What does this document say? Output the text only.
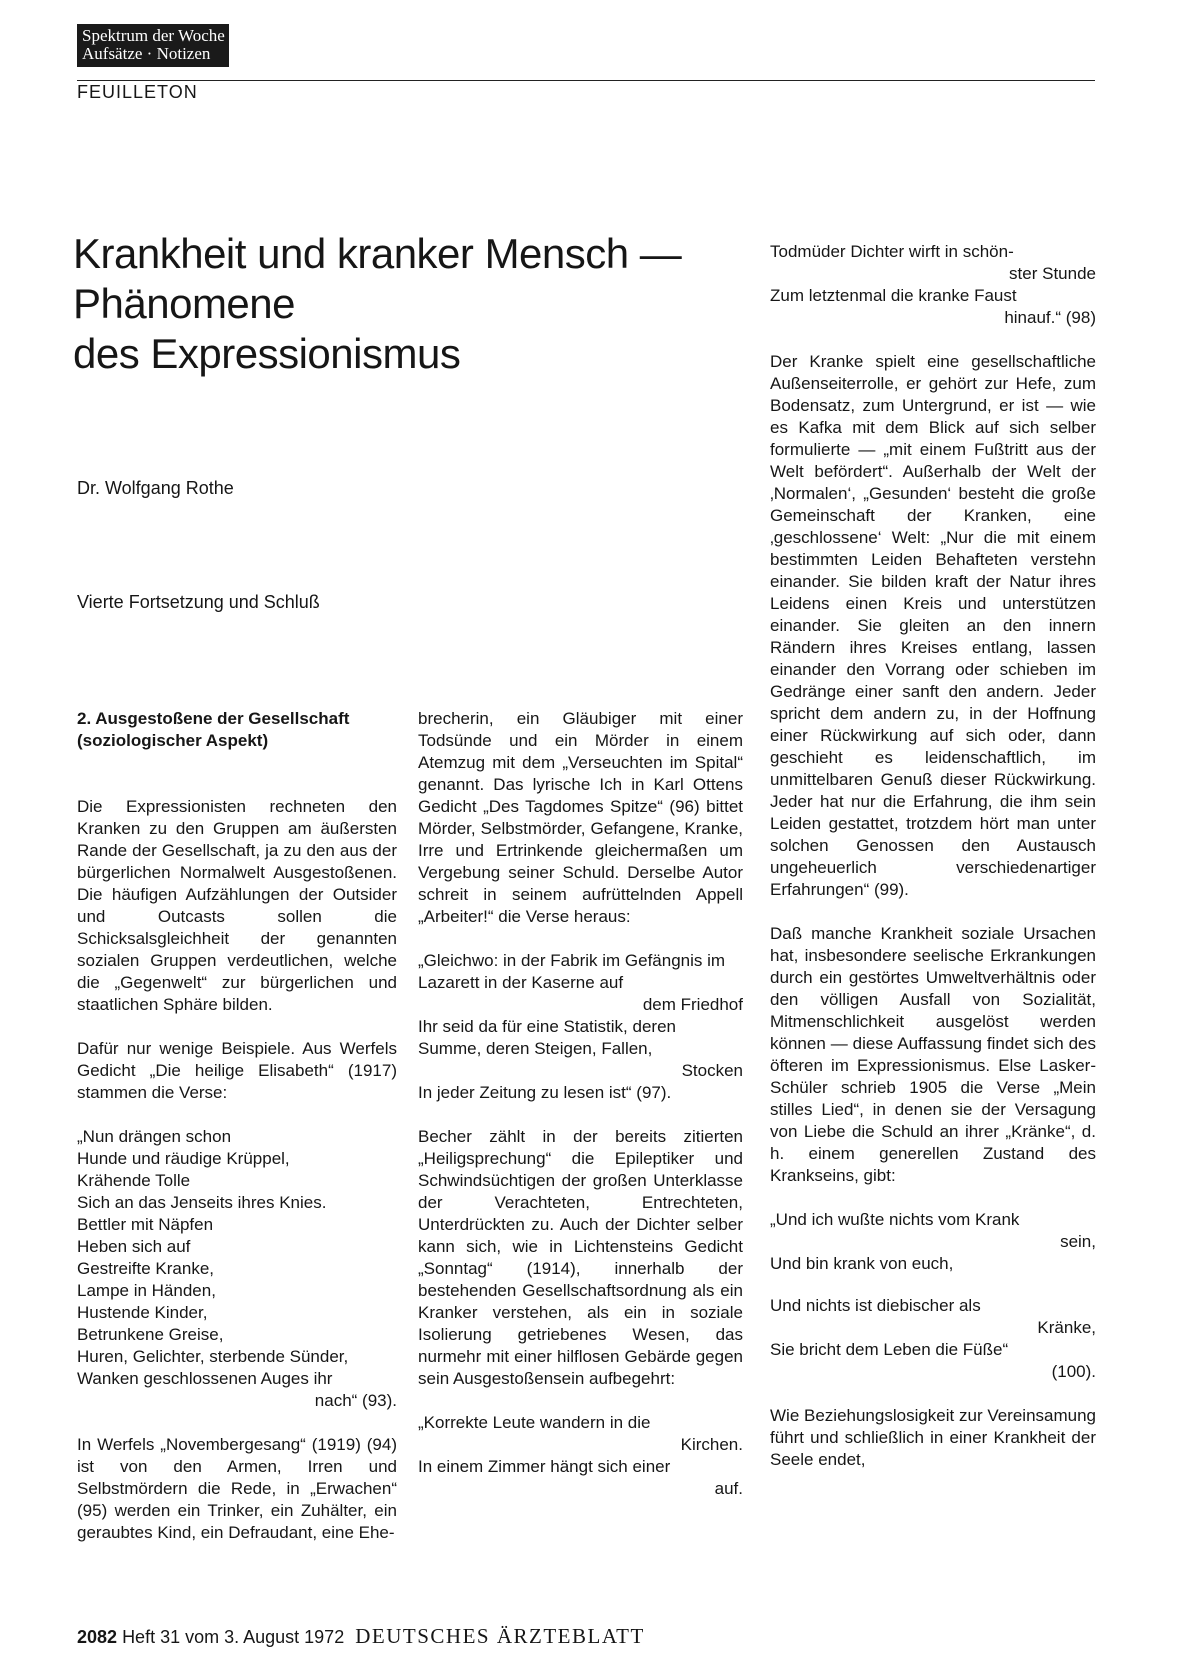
Spektrum der Woche
Aufsätze · Notizen
FEUILLETON
Krankheit und kranker Mensch —
Phänomene
des Expressionismus
Dr. Wolfgang Rothe
Vierte Fortsetzung und Schluß
2. Ausgestoßene der Gesellschaft
(soziologischer Aspekt)

Die Expressionisten rechneten den Kranken zu den Gruppen am äußersten Rande der Gesellschaft, ja zu den aus der bürgerlichen Normalwelt Ausgestoßenen. Die häufigen Aufzählungen der Outsider und Outcasts sollen die Schicksalsgleichheit der genannten sozialen Gruppen verdeutlichen, welche die „Gegenwelt“ zur bürgerlichen und staatlichen Sphäre bilden.

Dafür nur wenige Beispiele. Aus Werfels Gedicht „Die heilige Elisabeth“ (1917) stammen die Verse:

„Nun drängen schon
Hunde und räudige Krüppel,
Krähende Tolle
Sich an das Jenseits ihres Knies.
Bettler mit Näpfen
Heben sich auf
Gestreifte Kranke,
Lampe in Händen,
Hustende Kinder,
Betrunkene Greise,
Huren, Gelichter, sterbende Sünder,
Wanken geschlossenen Auges ihr
nach“ (93).

In Werfels „Novembergesang“ (1919) (94) ist von den Armen, Irren und Selbstmördern die Rede, in „Erwachen“ (95) werden ein Trinker, ein Zuhälter, ein geraubtes Kind, ein Defraudant, eine Ehe-

brecherin, ein Gläubiger mit einer Todsünde und ein Mörder in einem Atemzug mit dem „Verseuchten im Spital“ genannt. Das lyrische Ich in Karl Ottens Gedicht „Des Tagdomes Spitze“ (96) bittet Mörder, Selbstmörder, Gefangene, Kranke, Irre und Ertrinkende gleichermaßen um Vergebung seiner Schuld. Derselbe Autor schreit in seinem aufrüttelnden Appell „Arbeiter!“ die Verse heraus:

„Gleichwo: in der Fabrik im Gefängnis im Lazarett in der Kaserne auf
dem Friedhof
Ihr seid da für eine Statistik, deren Summe, deren Steigen, Fallen,
Stocken
In jeder Zeitung zu lesen ist“ (97).

Becher zählt in der bereits zitierten „Heiligsprechung“ die Epileptiker und Schwindsüchtigen der großen Unterklasse der Verachteten, Entrechteten, Unterdrückten zu. Auch der Dichter selber kann sich, wie in Lichtensteins Gedicht „Sonntag“ (1914), innerhalb der bestehenden Gesellschaftsordnung als ein Kranker verstehen, als ein in soziale Isolierung getriebenes Wesen, das nurmehr mit einer hilflosen Gebärde gegen sein Ausgestoßensein aufbegehrt:

„Korrekte Leute wandern in die
Kirchen.
In einem Zimmer hängt sich einer
auf.
Todmüder Dichter wirft in schön-
ster Stunde
Zum letztenmal die kranke Faust
hinauf.“ (98)

Der Kranke spielt eine gesellschaftliche Außenseiterrolle, er gehört zur Hefe, zum Bodensatz, zum Untergrund, er ist — wie es Kafka mit dem Blick auf sich selber formulierte — „mit einem Fußtritt aus der Welt befördert“. Außerhalb der Welt der ‚Normalen‘, „Gesunden‘ besteht die große Gemeinschaft der Kranken, eine ‚geschlossene‘ Welt: „Nur die mit einem bestimmten Leiden Behafteten verstehn einander. Sie bilden kraft der Natur ihres Leidens einen Kreis und unterstützen einander. Sie gleiten an den innern Rändern ihres Kreises entlang, lassen einander den Vorrang oder schieben im Gedränge einer sanft den andern. Jeder spricht dem andern zu, in der Hoffnung einer Rückwirkung auf sich oder, dann geschieht es leidenschaftlich, im unmittelbaren Genuß dieser Rückwirkung. Jeder hat nur die Erfahrung, die ihm sein Leiden gestattet, trotzdem hört man unter solchen Genossen den Austausch ungeheuerlich verschiedenartiger Erfahrungen“ (99).

Daß manche Krankheit soziale Ursachen hat, insbesondere seelische Erkrankungen durch ein gestörtes Umweltverhältnis oder den völligen Ausfall von Sozialität, Mitmenschlichkeit ausgelöst werden können — diese Auffassung findet sich des öfteren im Expressionismus. Else Lasker-Schüler schrieb 1905 die Verse „Mein stilles Lied“, in denen sie der Versagung von Liebe die Schuld an ihrer „Kränke“, d. h. einem generellen Zustand des Krankseins, gibt:

„Und ich wußte nichts vom Krank
sein,
Und bin krank von euch,
Und nichts ist diebischer als
Kränke,
Sie bricht dem Leben die Füße“
(100).

Wie Beziehungslosigkeit zur Vereinsamung führt und schließlich in einer Krankheit der Seele endet,

2082 Heft 31 vom 3. August 1972 DEUTSCHES ÄRZTEBLATT
